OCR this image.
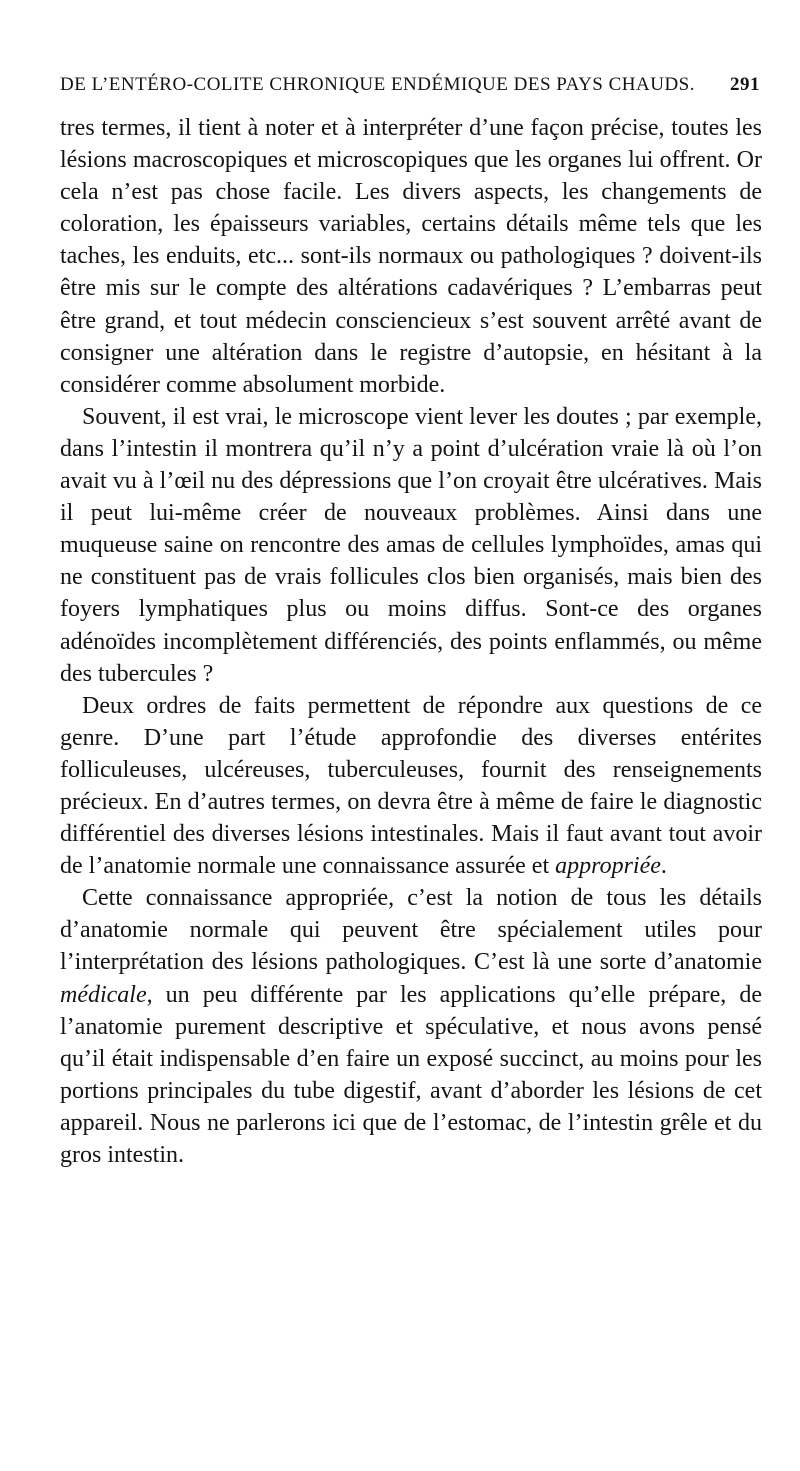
DE L’ENTÉRO-COLITE CHRONIQUE ENDÉMIQUE DES PAYS CHAUDS. 291

tres termes, il tient à noter et à interpréter d’une façon précise, toutes les lésions macroscopiques et microscopiques que les organes lui offrent. Or cela n’est pas chose facile. Les divers aspects, les changements de coloration, les épaisseurs variables, certains détails même tels que les taches, les enduits, etc... sont-ils normaux ou pathologiques ? doivent-ils être mis sur le compte des altérations cadavériques ? L’embarras peut être grand, et tout médecin consciencieux s’est souvent arrêté avant de consigner une altération dans le registre d’autopsie, en hésitant à la considérer comme absolument morbide.

Souvent, il est vrai, le microscope vient lever les doutes ; par exemple, dans l’intestin il montrera qu’il n’y a point d’ulcération vraie là où l’on avait vu à l’œil nu des dépressions que l’on croyait être ulcératives. Mais il peut lui-même créer de nouveaux problèmes. Ainsi dans une muqueuse saine on rencontre des amas de cellules lymphoïdes, amas qui ne constituent pas de vrais follicules clos bien organisés, mais bien des foyers lymphatiques plus ou moins diffus. Sont-ce des organes adénoïdes incomplètement différenciés, des points enflammés, ou même des tubercules ?

Deux ordres de faits permettent de répondre aux questions de ce genre. D’une part l’étude approfondie des diverses entérites folliculeuses, ulcéreuses, tuberculeuses, fournit des renseignements précieux. En d’autres termes, on devra être à même de faire le diagnostic différentiel des diverses lésions intestinales. Mais il faut avant tout avoir de l’anatomie normale une connaissance assurée et appropriée.

Cette connaissance appropriée, c’est la notion de tous les détails d’anatomie normale qui peuvent être spécialement utiles pour l’interprétation des lésions pathologiques. C’est là une sorte d’anatomie médicale, un peu différente par les applications qu’elle prépare, de l’anatomie purement descriptive et spéculative, et nous avons pensé qu’il était indispensable d’en faire un exposé succinct, au moins pour les portions principales du tube digestif, avant d’aborder les lésions de cet appareil. Nous ne parlerons ici que de l’estomac, de l’intestin grêle et du gros intestin.
